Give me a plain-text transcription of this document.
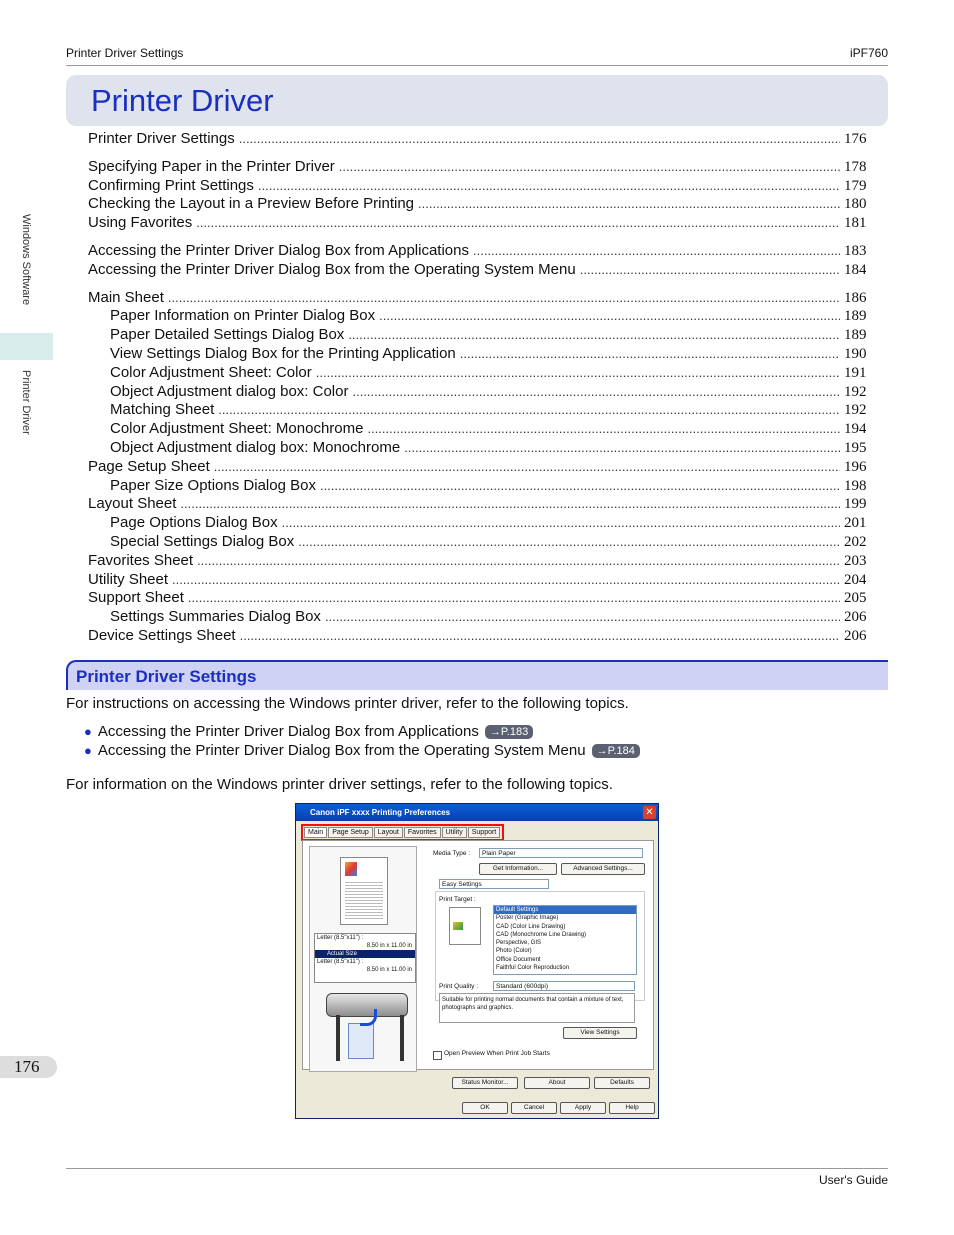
Printer Driver Settings	iPF760
Windows Software
Printer Driver
176
Printer Driver
Printer Driver Settings .....	176
Specifying Paper in the Printer Driver .....	178
Confirming Print Settings .....	179
Checking the Layout in a Preview Before Printing .....	180
Using Favorites .....	181
Accessing the Printer Driver Dialog Box from Applications .....	183
Accessing the Printer Driver Dialog Box from the Operating System Menu .....	184
Main Sheet .....	186
Paper Information on Printer Dialog Box .....	189
Paper Detailed Settings Dialog Box .....	189
View Settings Dialog Box for the Printing Application .....	190
Color Adjustment Sheet: Color .....	191
Object Adjustment dialog box: Color .....	192
Matching Sheet .....	192
Color Adjustment Sheet: Monochrome .....	194
Object Adjustment dialog box: Monochrome .....	195
Page Setup Sheet .....	196
Paper Size Options Dialog Box .....	198
Layout Sheet .....	199
Page Options Dialog Box .....	201
Special Settings Dialog Box .....	202
Favorites Sheet .....	203
Utility Sheet .....	204
Support Sheet .....	205
Settings Summaries Dialog Box .....	206
Device Settings Sheet .....	206
Printer Driver Settings
For instructions on accessing the Windows printer driver, refer to the following topics.
● Accessing the Printer Driver Dialog Box from Applications	→P.183
● Accessing the Printer Driver Dialog Box from the Operating System Menu	→P.184
For information on the Windows printer driver settings, refer to the following topics.
Canon iPF xxxx Printing Preferences	✕
Main	Page Setup	Layout	Favorites	Utility	Support
Letter (8.5"x11") :
8.50 in x 11.00 in
Actual Size
Letter (8.5"x11") :
8.50 in x 11.00 in
Media Type :	Plain Paper
Get Information...	Advanced Settings...
Easy Settings
Print Target :
Default Settings
Poster (Graphic Image)
CAD (Color Line Drawing)
CAD (Monochrome Line Drawing)
Perspective, GIS
Photo (Color)
Office Document
Faithful Color Reproduction
Print Quality :	Standard (600dpi)
Suitable for printing normal documents that contain a mixture of text, photographs and graphics.
View Settings
Open Preview When Print Job Starts
Status Monitor...	About	Defaults
OK	Cancel	Apply	Help
User's Guide
